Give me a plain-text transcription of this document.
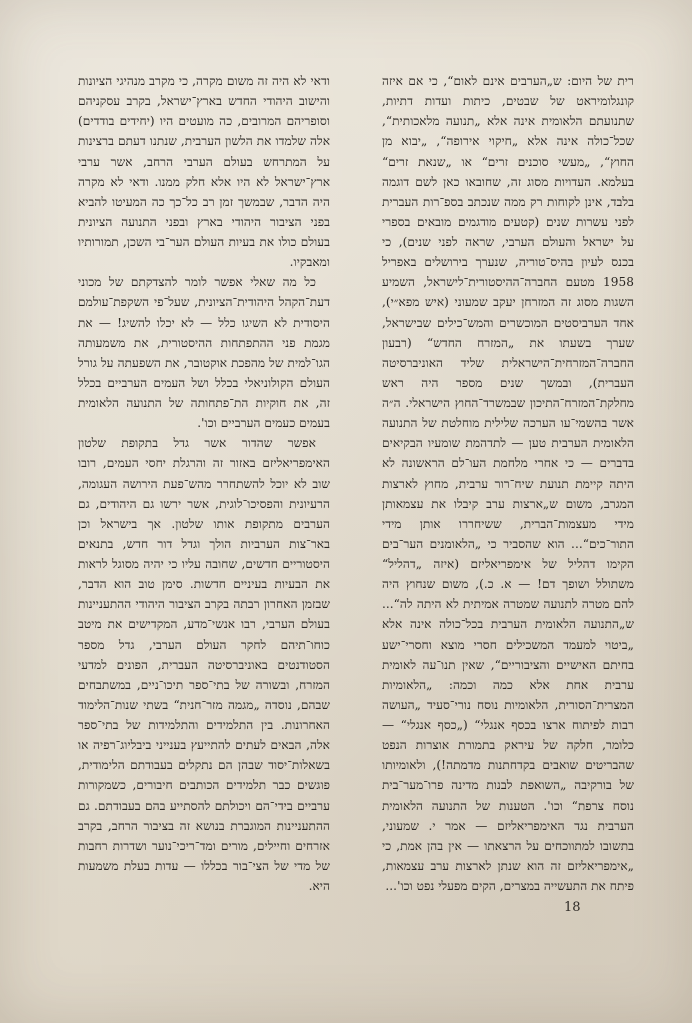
רית של היום: ש„הערבים אינם לאום“, כי אם איזה קונגלומיראט של שבטים, כיתות ועדות דתיות, שתנועתם הלאומית אינה אלא „תנועה מלאכותית“, שכל־כולה אינה אלא „חיקוי אירופה“, „יבוא מן החוץ“, „מעשי סוכנים זרים“ או „שנאת זרים“ בעלמא. העדויות מסוג זה, שחובאו כאן לשם דוגמה בלבד, אינן לקוחות רק ממה שנכתב בספ־רות העברית לפני עשרות שנים (קטעים מודגמים מובאים בספרי על ישראל והעולם הערבי, שראה לפני שנים), כי בכנס לעיון בהיס־טוריה, שנערך בירושלים באפריל 1958 מטעם החברה־ההיסטורית־לישראל, השמיע השגות מסוג זה המזרחן יעקב שמעוני (איש מפא״י), אחד הערביסטים המוכשרים והמש־כילים שבישראל, שערך בשעתו את „המזרח החדש“ (רבעון החברה־המזרחית־הישראלית שליד האוניברסיטה העברית), ובמשך שנים מספר היה ראש מחלקת־המזרח־התיכון שבמשרד־החוץ הישראלי. ה״ה אשר בהשמי־עו הערכה שלילית מוחלטת של התנועה הלאומית הערבית טען — לתדהמת שומעיו הבקיאים בדברים — כי אחרי מלחמת העו־לם הראשונה לא היתה קיימת תנועת שיח־רור ערבית, מחוץ לארצות המגרב, משום ש„ארצות ערב קיבלו את עצמאותן מידי מעצמות־הברית, ששיחררו אותן מידי התור־כים“... הוא שהסביר כי „הלאומנים הער־בים הקימו דהליל של אימפריאליזם (איזה „דהליל“ משתולל ושופך דם! — א. כ.), משום שנחוץ היה להם מטרה לתנועה שמטרה אמיתית לא היתה לה“... ש„התנועה הלאומית הערבית בכל־כולה אינה אלא „ביטוי למעמד המשכילים חסרי מוצא וחסרי־ישע בחיתם האישיים והציבוריים“, שאין תנו־עה לאומית ערבית אחת אלא כמה וכמה: „הלאומיות המצרית־הסורית, הלאומיות נוסח נורי־סעיד „העושה רבות לפיתוח ארצו בכסף אנגלי“ („כסף אנגלי“ — כלומר, חלקה של עיראק בתמורת אוצרות הנפט שהבריטים שואבים בקדחתנות מדמתה!), ולאומיותו של בורקיבה „השואפת לבנות מדינה פרו־מער־בית נוסח צרפת“ וכו'. הטענות של התנועה הלאומית הערבית נגד האימפריאליזם — אמר י. שמעוני, בתשובו למתווכחים על הרצאתו — אין בהן אמת, כי „אימפריאליזם זה הוא שנתן לארצות ערב עצמאות, פיתח את התעשייה במצרים, הקים מפעלי נפט וכו'...

ודאי לא היה זה משום מקרה, כי מקרב מנהיגי הציונות והישוב היהודי החדש בארץ־ישראל, בקרב עסקניהם וסופריהם המרובים, כה מועטים היו (יחידים בודדים) אלה שלמדו את הלשון הערבית, שנתנו דעתם ברצינות על המתרחש בעולם הערבי הרחב, אשר ערבי ארץ־ישראל לא היו אלא חלק ממנו. ודאי לא מקרה היה הדבר, שבמשך זמן רב כל־כך כה המעיטו להביא בפני הציבור היהודי בארץ ובפני התנועה הציונית בעולם כולו את בעיות העולם הער־בי השכן, תמורותיו ומאבקיו.

כל מה שאלי אפשר לומר להצדקתם של מכוני דעת־הקהל היהודית־הציונית, שעל־פי השקפת־עולמם היסודית לא השיגו כלל — לא יכלו להשיג! — את מגמת פני ההתפתחות ההיסטורית, את משמעותה הגו־למית של מהפכת אוקטובר, את השפעתה על גורל העולם הקולוניאלי בכלל ושל העמים הערביים בכלל זה, את חוקיות הת־פתחותה של התנועה הלאומית בעמים כעמים הערביים וכו'.

אפשר שהדור אשר גדל בתקופת שלטון האימפריאליזם באזור זה והרגלת יחסי העמים, רובו שוב לא יוכל להשתחרר מהש־פעת הירושה העגומה, הרעיונית והפסיכו־לוגית, אשר ירשו גם היהודים, גם הערבים מתקופת אותו שלטון. אך בישראל וכן באר־צות הערביות הולך וגדל דור חדש, בתנאים היסטוריים חדשים, שחובה עליו כי יהיה מסוגל לראות את הבעיות בעיניים חדשות. סימן טוב הוא הדבר, שבזמן האחרון רבתה בקרב הציבור היהודי ההתעניינות בעולם הערבי, רבו אנשי־מדע, המקדישים את מיטב כוחו־תיהם לחקר העולם הערבי, גדל מספר הסטודנטים באוניברסיטה העברית, הפונים למדעי המזרח, ובשורה של בתי־ספר תיכו־ניים, במשתבחים שבהם, נוסדה „מגמה מזר־חנית“ בשתי שנות־הלימוד האחרונות. בין התלמידים והתלמידות של בתי־ספר אלה, הבאים לעתים להתייעץ בענייני ביבליוג־רפיה או בשאלות־יסוד שבהן הם נתקלים בעבודתם הלימודית, פוגשים כבר תלמידים הכותבים חיבורים, כשמקורות ערביים בידי־הם ויכולתם להסתייע בהם בעבודתם. גם ההתעניינות המוגברת בנושא זה בציבור הרחב, בקרב אזרחים וחיילים, מורים ומד־ריכי־נוער ושדרות רחבות של מדי של הצי־בור בכללו — עדות בעלת משמעות היא.

18
